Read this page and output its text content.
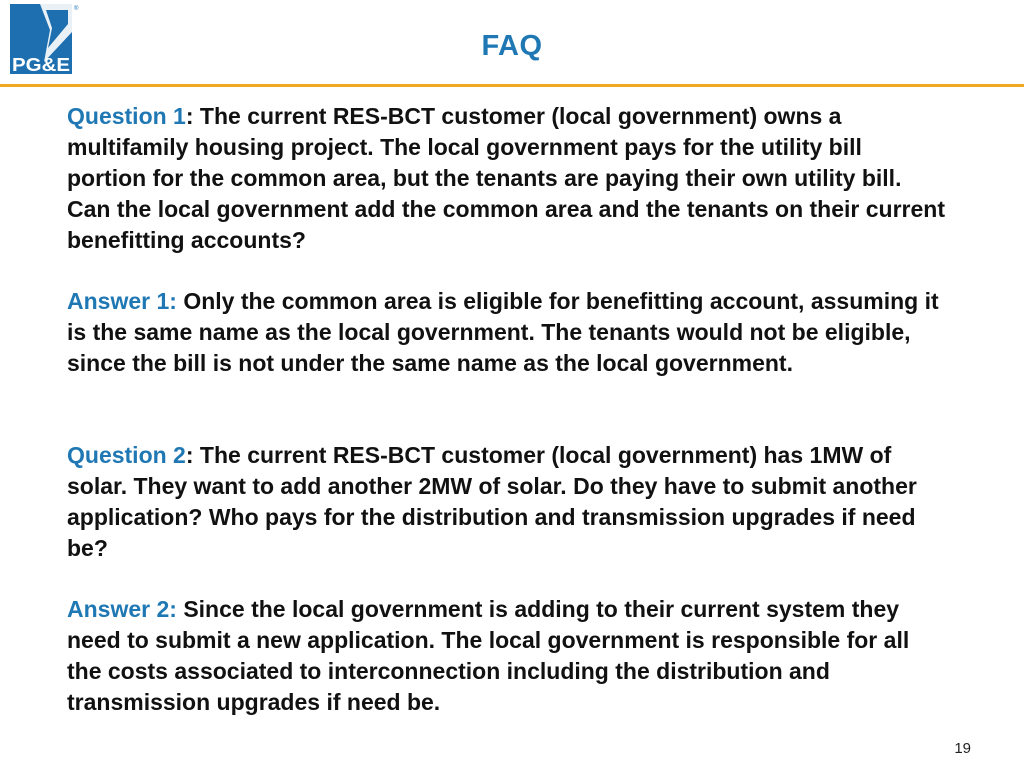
®
PG&E
FAQ

Question 1: The current RES-BCT customer (local government) owns a multifamily housing project. The local government pays for the utility bill portion for the common area, but the tenants are paying their own utility bill. Can the local government add the common area and the tenants on their current benefitting accounts?

Answer 1: Only the common area is eligible for benefitting account, assuming it is the same name as the local government. The tenants would not be eligible, since the bill is not under the same name as the local government.

Question 2: The current RES-BCT customer (local government) has 1MW of solar. They want to add another 2MW of solar. Do they have to submit another application? Who pays for the distribution and transmission upgrades if need be?

Answer 2: Since the local government is adding to their current system they need to submit a new application. The local government is responsible for all the costs associated to interconnection including the distribution and transmission upgrades if need be.

19
